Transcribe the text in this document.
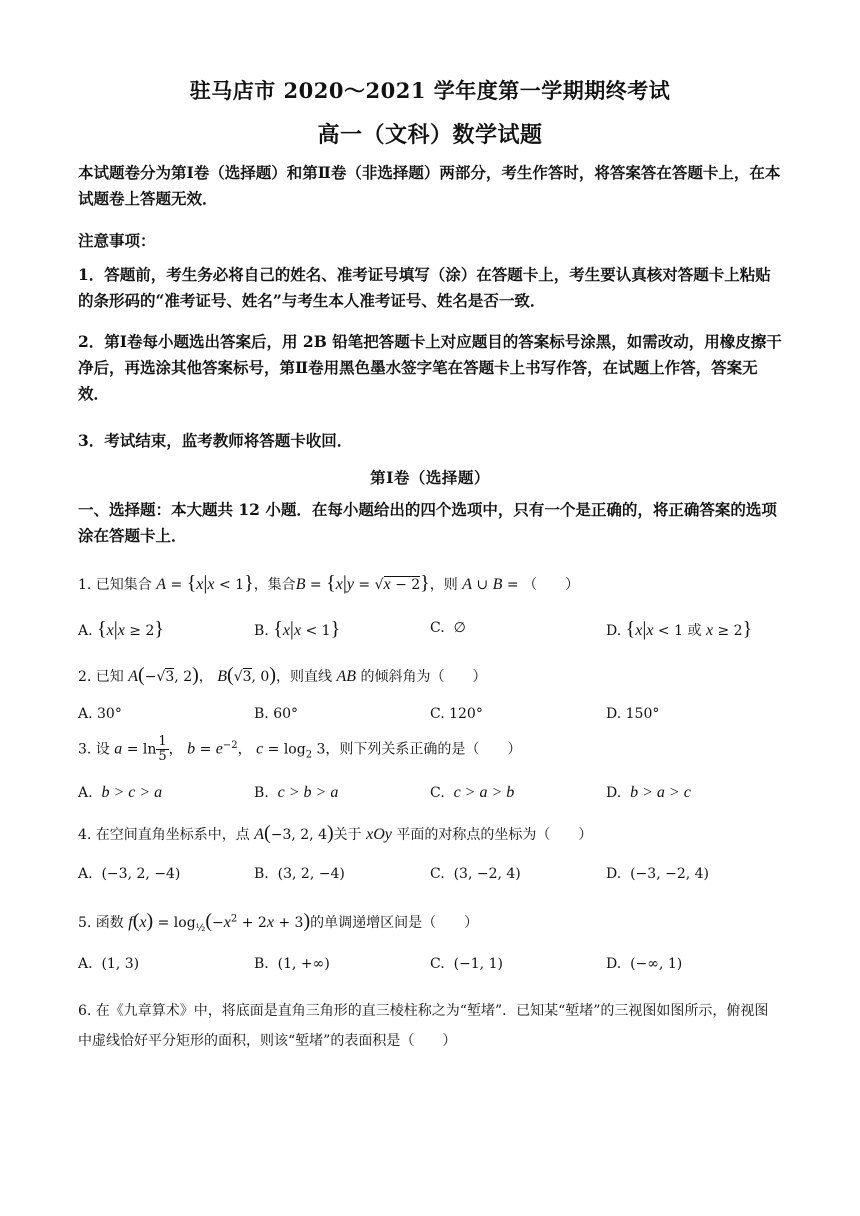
驻马店市 2020～2021 学年度第一学期期终考试
高一（文科）数学试题
本试题卷分为第Ⅰ卷（选择题）和第Ⅱ卷（非选择题）两部分，考生作答时，将答案答在答题卡上，在本试题卷上答题无效．
注意事项：
1．答题前，考生务必将自己的姓名、准考证号填写（涂）在答题卡上，考生要认真核对答题卡上粘贴的条形码的“准考证号、姓名”与考生本人准考证号、姓名是否一致．
2．第Ⅰ卷每小题选出答案后，用 2B 铅笔把答题卡上对应题目的答案标号涂黑，如需改动，用橡皮擦干净后，再选涂其他答案标号，第Ⅱ卷用黑色墨水签字笔在答题卡上书写作答，在试题上作答，答案无效．
3．考试结束，监考教师将答题卡收回．
第Ⅰ卷（选择题）
一、选择题：本大题共 12 小题．在每小题给出的四个选项中，只有一个是正确的，将正确答案的选项涂在答题卡上．
1. 已知集合 A = {x|x < 1}，集合B = {x|y = √x − 2}，则 A ∪ B = （　　）
A. {x|x ≥ 2}	B. {x|x < 1}	C.  ∅	D. {x|x < 1 或 x ≥ 2}
2. 已知 A(−√3, 2)， B(√3, 0)，则直线 AB 的倾斜角为（　　）
A. 30°	B. 60°	C. 120°	D. 150°
3. 设 $a = \ln \frac{1}{5}$ ， $b = e^{-2}$， $c = \log_2 3$，则下列关系正确的是（　　）
A. b > c > a	B. c > b > a	C. c > a > b	D. b > a > c
4. 在空间直角坐标系中，点 A(−3, 2, 4)关于 xOy 平面的对称点的坐标为（　　）
A. (−3, 2, −4)	B. (3, 2, −4)	C. (3, −2, 4)	D. (−3, −2, 4)
5. 函数 $f(x) = \log_{\frac{1}{2}}(-x^2 + 2x + 3)$的单调递增区间是（　　）
A. (1, 3)	B. (1, +∞)	C. (−1, 1)	D. (−∞, 1)
6. 在《九章算术》中，将底面是直角三角形的直三棱柱称之为“堑堵”．已知某“堑堵”的三视图如图所示，俯视图中虚线恰好平分矩形的面积，则该“堑堵”的表面积是（　　）
